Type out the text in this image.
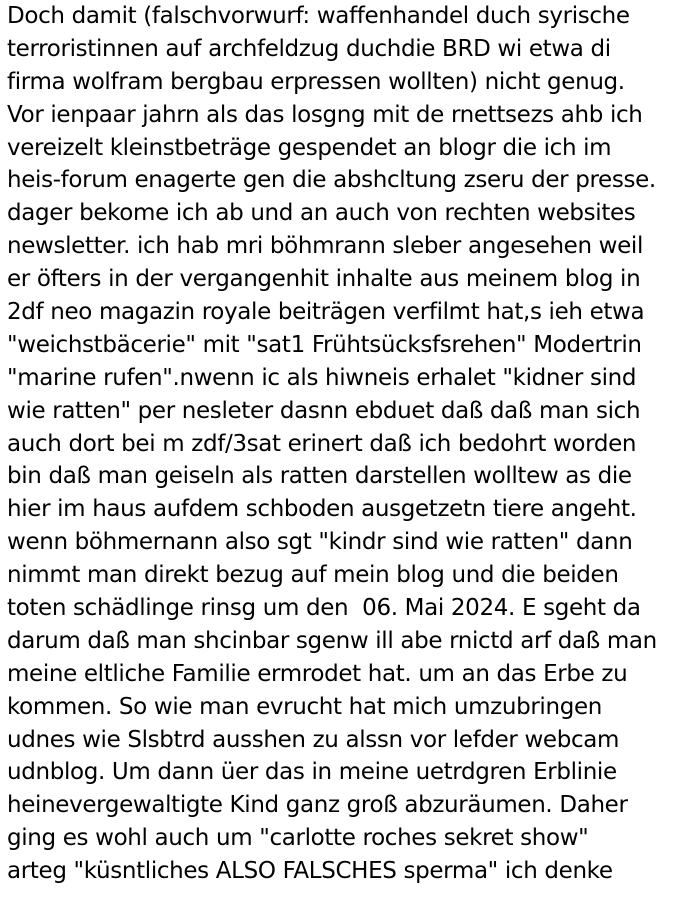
Doch damit (falschvorwurf: waffenhandel duch syrische
terroristinnen auf archfeldzug duchdie BRD wi etwa di
firma wolfram bergbau erpressen wollten) nicht genug.
Vor ienpaar jahrn als das losgng mit de rnettsezs ahb ich
vereizelt kleinstbeträge gespendet an blogr die ich im
heis-forum enagerte gen die abshcltung zseru der presse.
dager bekome ich ab und an auch von rechten websites
newsletter. ich hab mri böhmrann sleber angesehen weil
er öfters in der vergangenhit inhalte aus meinem blog in
2df neo magazin royale beiträgen verfilmt hat,s ieh etwa
"weichstbäcerie" mit "sat1 Frühtsücksfsrehen" Modertrin
"marine rufen".nwenn ic als hiwneis erhalet "kidner sind
wie ratten" per nesleter dasnn ebduet daß daß man sich
auch dort bei m zdf/3sat erinert daß ich bedohrt worden
bin daß man geiseln als ratten darstellen wolltew as die
hier im haus aufdem schboden ausgetzetn tiere angeht.
wenn böhmernann also sgt "kindr sind wie ratten" dann
nimmt man direkt bezug auf mein blog und die beiden
toten schädlinge rinsg um den  06. Mai 2024. E sgeht da
darum daß man shcinbar sgenw ill abe rnictd arf daß man
meine eltliche Familie ermrodet hat. um an das Erbe zu
kommen. So wie man evrucht hat mich umzubringen
udnes wie Slsbtrd ausshen zu alssn vor lefder webcam
udnblog. Um dann üer das in meine uetrdgren Erblinie
heinevergewaltigte Kind ganz groß abzuräumen. Daher
ging es wohl auch um "carlotte roches sekret show"
arteg "küsntliches ALSO FALSCHES sperma" ich denke
